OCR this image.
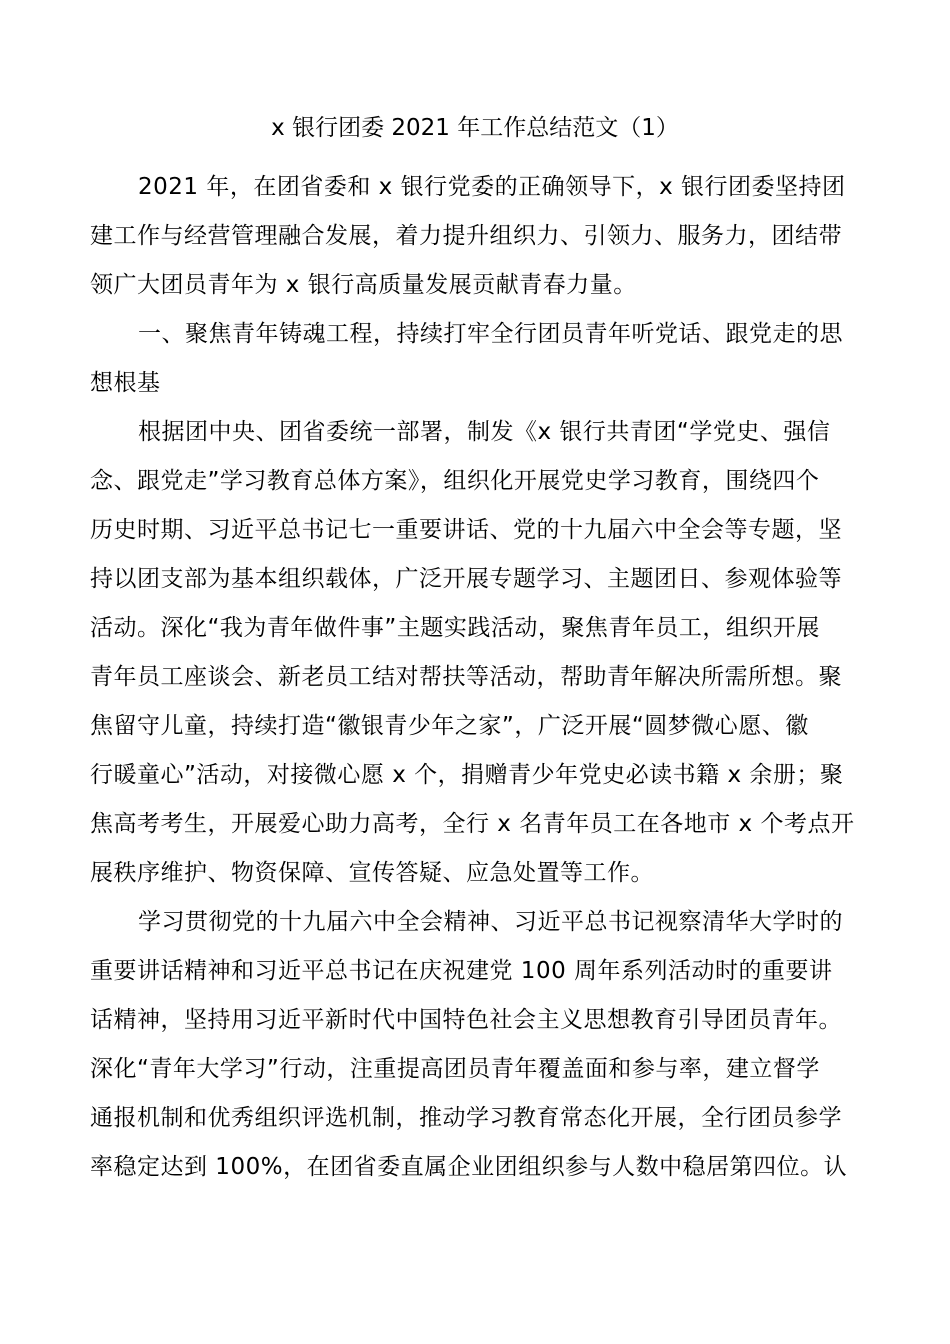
x 银行团委 2021 年工作总结范文（1）
2021 年，在团省委和 x 银行党委的正确领导下，x 银行团委坚持团
建工作与经营管理融合发展，着力提升组织力、引领力、服务力，团结带
领广大团员青年为 x 银行高质量发展贡献青春力量。
一、聚焦青年铸魂工程，持续打牢全行团员青年听党话、跟党走的思
想根基
根据团中央、团省委统一部署，制发《x 银行共青团“学党史、强信
念、跟党走”学习教育总体方案》，组织化开展党史学习教育，围绕四个
历史时期、习近平总书记七一重要讲话、党的十九届六中全会等专题，坚
持以团支部为基本组织载体，广泛开展专题学习、主题团日、参观体验等
活动。深化“我为青年做件事”主题实践活动，聚焦青年员工，组织开展
青年员工座谈会、新老员工结对帮扶等活动，帮助青年解决所需所想。聚
焦留守儿童，持续打造“徽银青少年之家”，广泛开展“圆梦微心愿、徽
行暖童心”活动，对接微心愿 x 个，捐赠青少年党史必读书籍 x 余册；聚
焦高考考生，开展爱心助力高考，全行 x 名青年员工在各地市 x 个考点开
展秩序维护、物资保障、宣传答疑、应急处置等工作。
学习贯彻党的十九届六中全会精神、习近平总书记视察清华大学时的
重要讲话精神和习近平总书记在庆祝建党 100 周年系列活动时的重要讲
话精神，坚持用习近平新时代中国特色社会主义思想教育引导团员青年。
深化“青年大学习”行动，注重提高团员青年覆盖面和参与率，建立督学
通报机制和优秀组织评选机制，推动学习教育常态化开展，全行团员参学
率稳定达到 100%，在团省委直属企业团组织参与人数中稳居第四位。认
